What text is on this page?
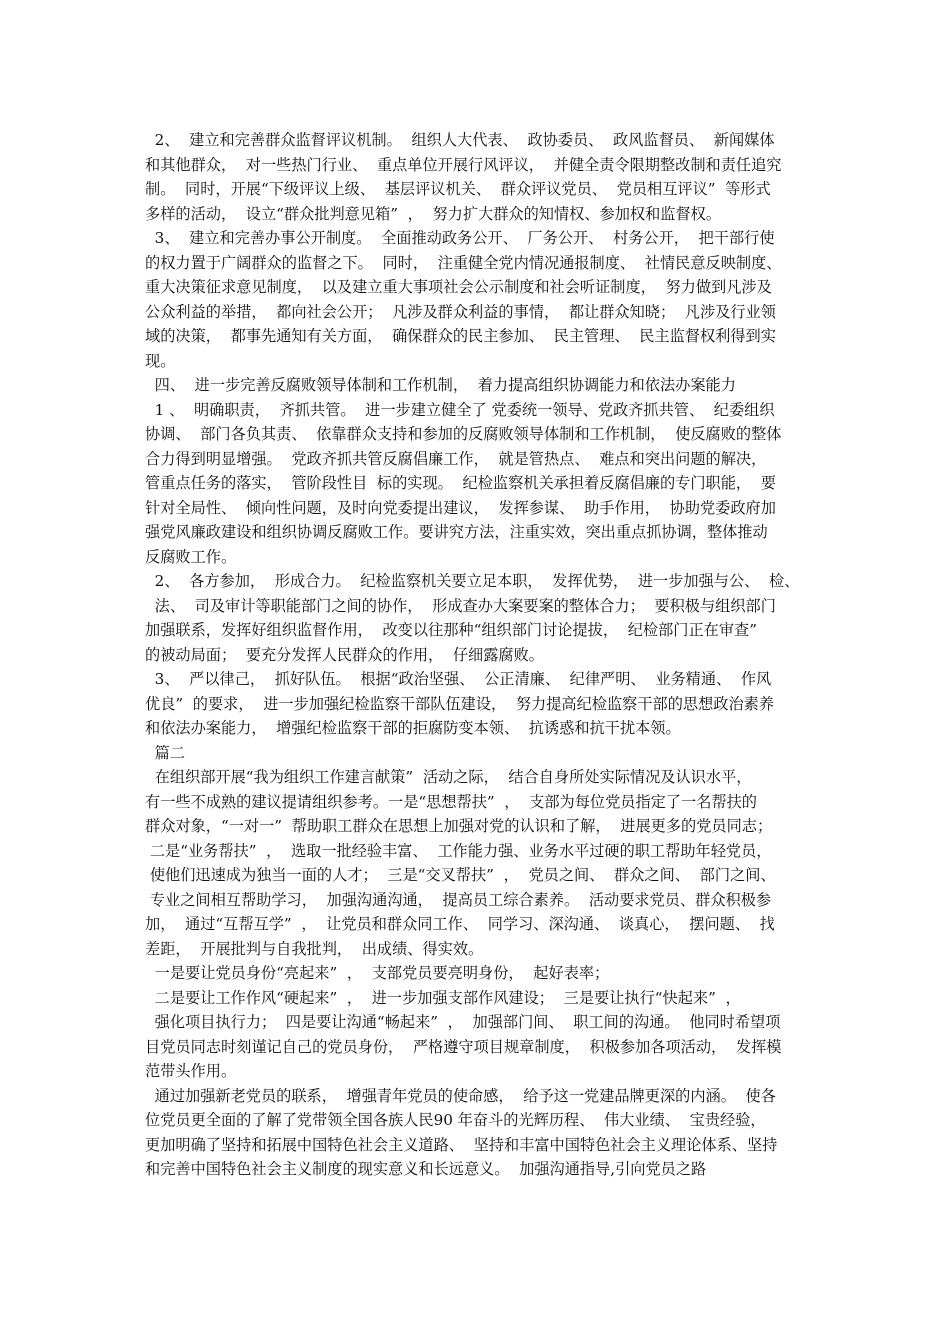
2、  建立和完善群众监督评议机制。  组织人大代表、  政协委员、  政风监督员、  新闻媒体
和其他群众，  对一些热门行业、  重点单位开展行风评议，  并健全责令限期整改制和责任追究
制。  同时，开展“下级评议上级、  基层评议机关、  群众评议党员、  党员相互评议”  等形式
多样的活动，  设立“群众批判意见箱”  ，  努力扩大群众的知情权、参加权和监督权。
3、  建立和完善办事公开制度。  全面推动政务公开、  厂务公开、  村务公开，  把干部行使
的权力置于广阔群众的监督之下。  同时，  注重健全党内情况通报制度、  社情民意反映制度、
重大决策征求意见制度，  以及建立重大事项社会公示制度和社会听证制度，  努力做到凡涉及
公众利益的举措，  都向社会公开；  凡涉及群众利益的事情，  都让群众知晓；  凡涉及行业领
域的决策，  都事先通知有关方面，  确保群众的民主参加、  民主管理、  民主监督权利得到实
现。
四、  进一步完善反腐败领导体制和工作机制，  着力提高组织协调能力和依法办案能力
1 、  明确职责，  齐抓共管。  进一步建立健全了 党委统一领导、党政齐抓共管、  纪委组织
协调、  部门各负其责、  依靠群众支持和参加的反腐败领导体制和工作机制，  使反腐败的整体
合力得到明显增强。  党政齐抓共管反腐倡廉工作，  就是管热点、  难点和突出问题的解决，
管重点任务的落实，  管阶段性目  标的实现。  纪检监察机关承担着反腐倡廉的专门职能，  要
针对全局性、  倾向性问题，及时向党委提出建议，  发挥参谋、  助手作用，  协助党委政府加
强党风廉政建设和组织协调反腐败工作。要讲究方法，注重实效，突出重点抓协调，整体推动
反腐败工作。
2、  各方参加，  形成合力。  纪检监察机关要立足本职，  发挥优势，  进一步加强与公、  检、
法、  司及审计等职能部门之间的协作，  形成查办大案要案的整体合力；  要积极与组织部门
加强联系，发挥好组织监督作用，  改变以往那种“组织部门讨论提拔，  纪检部门正在审查”
的被动局面；  要充分发挥人民群众的作用，  仔细露腐败。
3、  严以律己，  抓好队伍。  根据“政治坚强、  公正清廉、  纪律严明、  业务精通、  作风
优良”  的要求，  进一步加强纪检监察干部队伍建设，  努力提高纪检监察干部的思想政治素养
和依法办案能力，  增强纪检监察干部的拒腐防变本领、  抗诱惑和抗干扰本领。
篇二
在组织部开展“我为组织工作建言献策”  活动之际，  结合自身所处实际情况及认识水平，
有一些不成熟的建议提请组织参考。一是“思想帮扶”  ，  支部为每位党员指定了一名帮扶的
群众对象，“一对一”  帮助职工群众在思想上加强对党的认识和了解，  进展更多的党员同志；
二是“业务帮扶”  ，  选取一批经验丰富、  工作能力强、业务水平过硬的职工帮助年轻党员，
使他们迅速成为独当一面的人才；  三是“交叉帮扶”  ，  党员之间、  群众之间、  部门之间、
专业之间相互帮助学习，  加强沟通沟通，  提高员工综合素养。  活动要求党员、群众积极参
加，  通过“互帮互学”  ，  让党员和群众同工作、  同学习、深沟通、  谈真心，  摆问题、  找
差距，  开展批判与自我批判，  出成绩、得实效。
一是要让党员身份“亮起来”  ，  支部党员要亮明身份，  起好表率；
二是要让工作作风“硬起来”  ，  进一步加强支部作风建设；  三是要让执行“快起来”  ，
强化项目执行力；  四是要让沟通“畅起来”  ，  加强部门间、  职工间的沟通。  他同时希望项
目党员同志时刻谨记自己的党员身份，  严格遵守项目规章制度，  积极参加各项活动，  发挥模
范带头作用。
通过加强新老党员的联系，  增强青年党员的使命感，  给予这一党建品牌更深的内涵。  使各
位党员更全面的了解了党带领全国各族人民90 年奋斗的光辉历程、  伟大业绩、  宝贵经验，
更加明确了坚持和拓展中国特色社会主义道路、  坚持和丰富中国特色社会主义理论体系、坚持
和完善中国特色社会主义制度的现实意义和长远意义。  加强沟通指导,引向党员之路
